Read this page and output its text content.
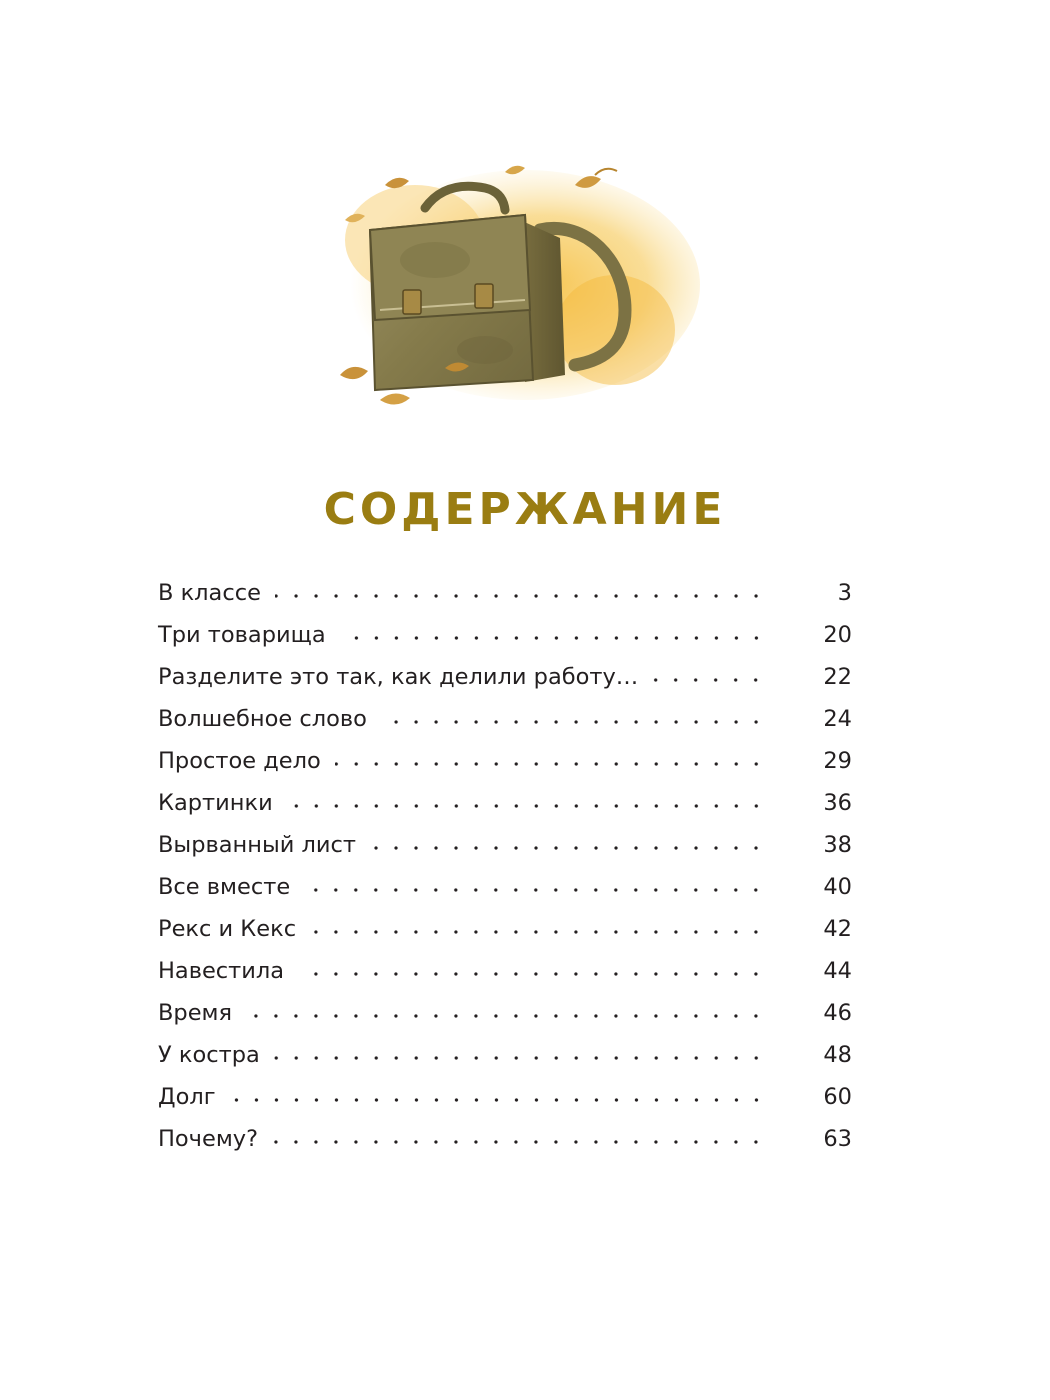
СОДЕРЖАНИЕ
В классе	3
Три товарища	20
Разделите это так, как делили работу…	22
Волшебное слово	24
Простое дело	29
Картинки	36
Вырванный лист	38
Все вместе	40
Рекс и Кекс	42
Навестила	44
Время	46
У костра	48
Долг	60
Почему?	63
